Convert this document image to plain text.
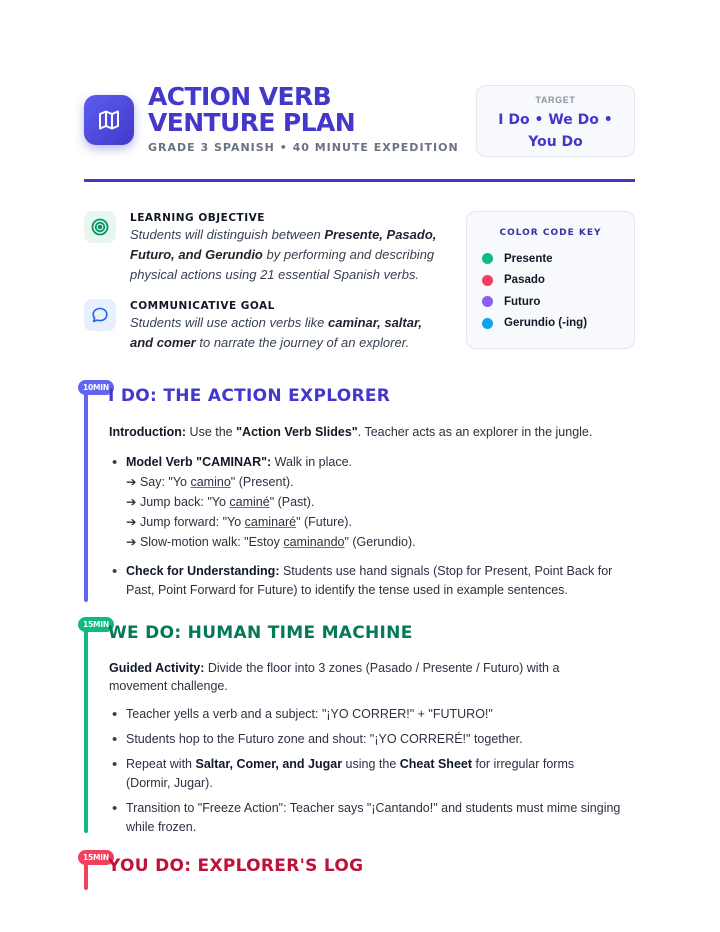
ACTION VERB
VENTURE PLAN
GRADE 3 SPANISH • 40 MINUTE EXPEDITION
TARGET
I Do • We Do • You Do
LEARNING OBJECTIVE
Students will distinguish between Presente, Pasado, Futuro, and Gerundio by performing and describing physical actions using 21 essential Spanish verbs.
COMMUNICATIVE GOAL
Students will use action verbs like caminar, saltar, and comer to narrate the journey of an explorer.
COLOR CODE KEY
Presente
Pasado
Futuro
Gerundio (-ing)
10MIN I DO: THE ACTION EXPLORER
Introduction: Use the "Action Verb Slides". Teacher acts as an explorer in the jungle.
• Model Verb "CAMINAR": Walk in place.
➔ Say: "Yo camino" (Present).
➔ Jump back: "Yo caminé" (Past).
➔ Jump forward: "Yo caminaré" (Future).
➔ Slow-motion walk: "Estoy caminando" (Gerundio).
• Check for Understanding: Students use hand signals (Stop for Present, Point Back for Past, Point Forward for Future) to identify the tense used in example sentences.
15MIN WE DO: HUMAN TIME MACHINE
Guided Activity: Divide the floor into 3 zones (Pasado / Presente / Futuro) with a movement challenge.
• Teacher yells a verb and a subject: "¡YO CORRER!" + "FUTURO!"
• Students hop to the Futuro zone and shout: "¡YO CORRERÉ!" together.
• Repeat with Saltar, Comer, and Jugar using the Cheat Sheet for irregular forms (Dormir, Jugar).
• Transition to "Freeze Action": Teacher says "¡Cantando!" and students must mime singing while frozen.
15MIN YOU DO: EXPLORER'S LOG
